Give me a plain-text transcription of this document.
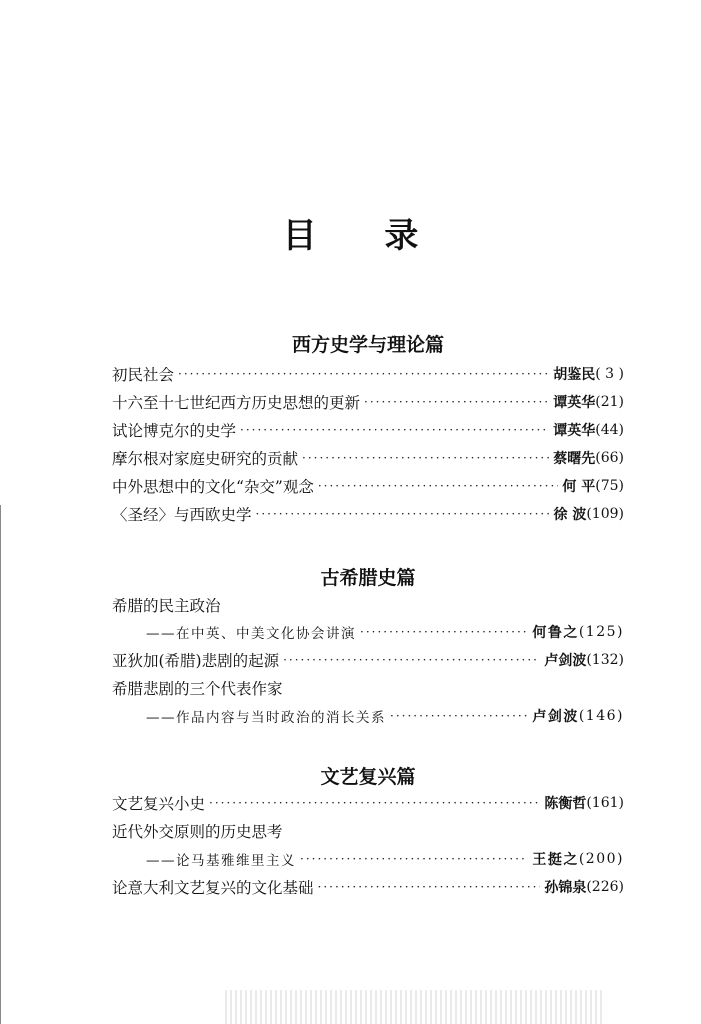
目 录
西方史学与理论篇
初民社会 ·····	胡鉴民 ( 3 )
十六至十七世纪西方历史思想的更新 ·····	谭英华 (21)
试论博克尔的史学 ·····	谭英华 (44)
摩尔根对家庭史研究的贡献 ·····	蔡曙先 (66)
中外思想中的文化“杂交”观念 ·····	何 平 (75)
〈圣经〉与西欧史学 ·····	徐 波 (109)
古希腊史篇
希腊的民主政治
——在中英、中美文化协会讲演 ·····	何鲁之 (125)
亚狄加(希腊)悲剧的起源 ·····	卢剑波 (132)
希腊悲剧的三个代表作家
——作品内容与当时政治的消长关系 ·····	卢剑波 (146)
文艺复兴篇
文艺复兴小史 ·····	陈衡哲 (161)
近代外交原则的历史思考
——论马基雅维里主义 ·····	王挺之 (200)
论意大利文艺复兴的文化基础 ·····	孙锦泉 (226)
